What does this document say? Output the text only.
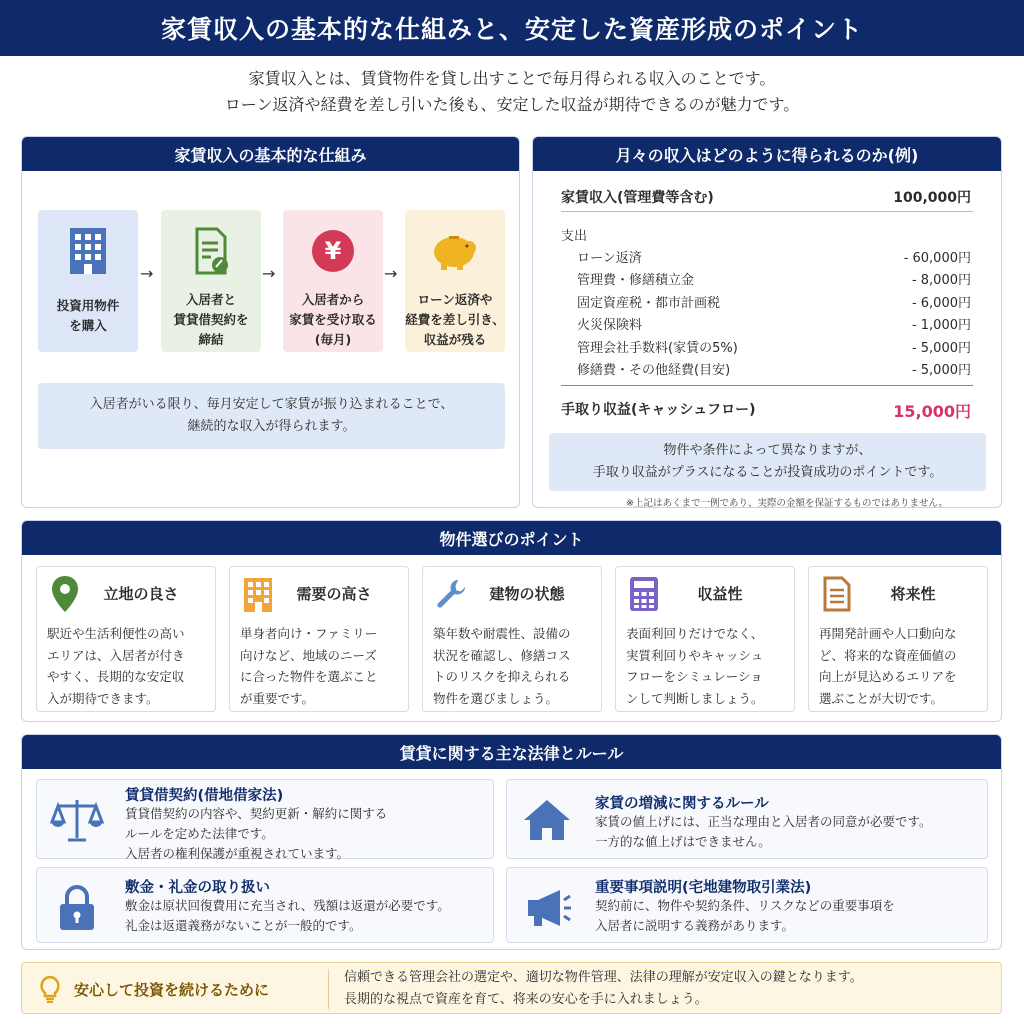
家賃収入の基本的な仕組みと、安定した資産形成のポイント
家賃収入とは、賃貸物件を貸し出すことで毎月得られる収入のことです。
ローン返済や経費を差し引いた後も、安定した収益が期待できるのが魅力です。
家賃収入の基本的な仕組み
投資用物件
を購入
→
入居者と
賃貸借契約を
締結
→
¥
入居者から
家賃を受け取る
(毎月)
→
ローン返済や
経費を差し引き、
収益が残る
入居者がいる限り、毎月安定して家賃が振り込まれることで、
継続的な収入が得られます。
月々の収入はどのように得られるのか(例)
家賃収入(管理費等含む)	100,000円
支出
ローン返済	- 60,000円
管理費・修繕積立金	- 8,000円
固定資産税・都市計画税	- 6,000円
火災保険料	- 1,000円
管理会社手数料(家賃の5%)	- 5,000円
修繕費・その他経費(目安)	- 5,000円
手取り収益(キャッシュフロー)	15,000円
物件や条件によって異なりますが、
手取り収益がプラスになることが投資成功のポイントです。
※上記はあくまで一例であり、実際の金額を保証するものではありません。
物件選びのポイント
立地の良さ
駅近や生活利便性の高い
エリアは、入居者が付き
やすく、長期的な安定収
入が期待できます。
需要の高さ
単身者向け・ファミリー
向けなど、地域のニーズ
に合った物件を選ぶこと
が重要です。
建物の状態
築年数や耐震性、設備の
状況を確認し、修繕コス
トのリスクを抑えられる
物件を選びましょう。
収益性
表面利回りだけでなく、
実質利回りやキャッシュ
フローをシミュレーショ
ンして判断しましょう。
将来性
再開発計画や人口動向な
ど、将来的な資産価値の
向上が見込めるエリアを
選ぶことが大切です。
賃貸に関する主な法律とルール
賃貸借契約(借地借家法)
賃貸借契約の内容や、契約更新・解約に関する
ルールを定めた法律です。
入居者の権利保護が重視されています。
家賃の増減に関するルール
家賃の値上げには、正当な理由と入居者の同意が必要です。
一方的な値上げはできません。
敷金・礼金の取り扱い
敷金は原状回復費用に充当され、残額は返還が必要です。
礼金は返還義務がないことが一般的です。
重要事項説明(宅地建物取引業法)
契約前に、物件や契約条件、リスクなどの重要事項を
入居者に説明する義務があります。
安心して投資を続けるために
信頼できる管理会社の選定や、適切な物件管理、法律の理解が安定収入の鍵となります。
長期的な視点で資産を育て、将来の安心を手に入れましょう。
